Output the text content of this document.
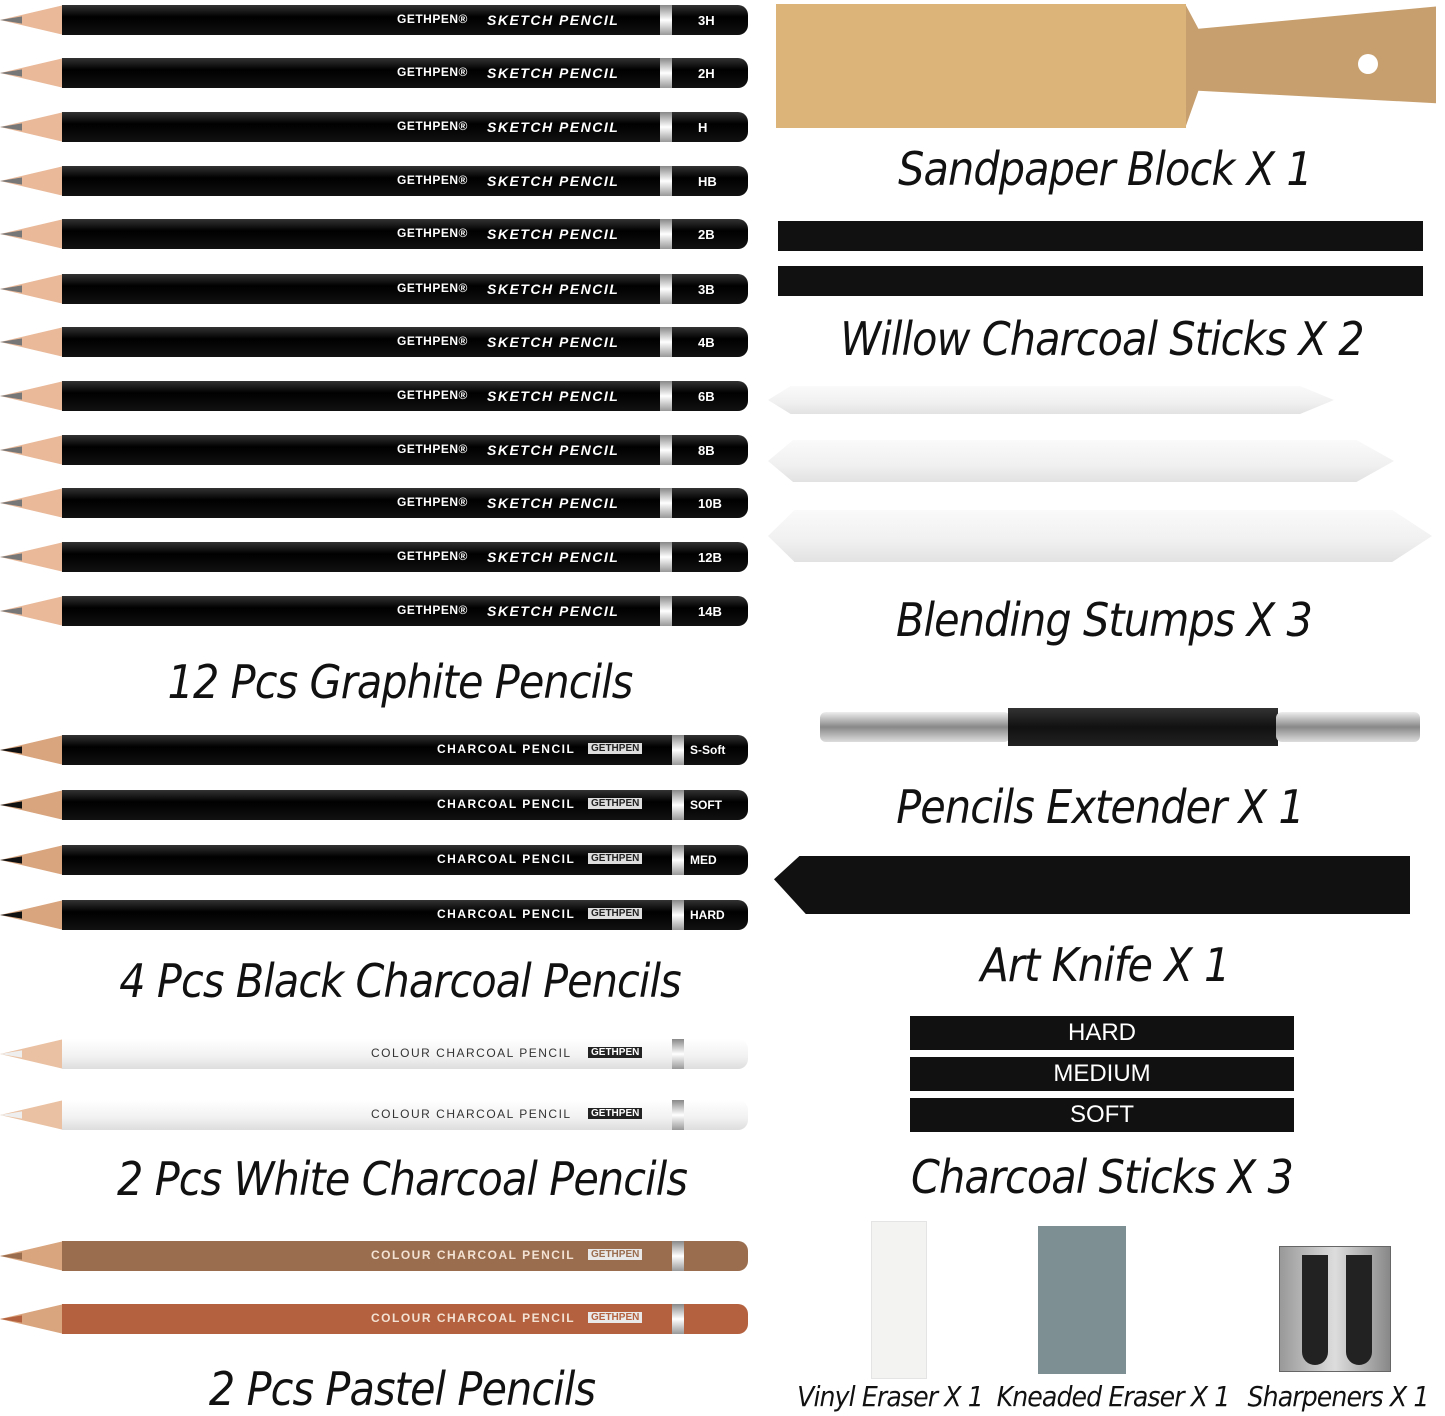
GETHPEN® SKETCH PENCIL	3H
GETHPEN® SKETCH PENCIL	2H
GETHPEN® SKETCH PENCIL	H
GETHPEN® SKETCH PENCIL	HB
GETHPEN® SKETCH PENCIL	2B
GETHPEN® SKETCH PENCIL	3B
GETHPEN® SKETCH PENCIL	4B
GETHPEN® SKETCH PENCIL	6B
GETHPEN® SKETCH PENCIL	8B
GETHPEN® SKETCH PENCIL	10B
GETHPEN® SKETCH PENCIL	12B
GETHPEN® SKETCH PENCIL	14B
CHARCOAL PENCIL	GETHPEN	S-Soft
CHARCOAL PENCIL	GETHPEN	SOFT
CHARCOAL PENCIL	GETHPEN	MED
CHARCOAL PENCIL	GETHPEN	HARD
COLOUR CHARCOAL PENCIL	GETHPEN
COLOUR CHARCOAL PENCIL	GETHPEN
COLOUR CHARCOAL PENCIL	GETHPEN
COLOUR CHARCOAL PENCIL	GETHPEN
12 Pcs Graphite Pencils
4 Pcs Black Charcoal Pencils
2 Pcs White Charcoal Pencils
2 Pcs Pastel Pencils
Sandpaper Block X 1
Willow Charcoal Sticks X 2
Blending Stumps X 3
Pencils Extender X 1
Art Knife X 1
HARD
MEDIUM
SOFT
Charcoal Sticks X 3
Vinyl Eraser X 1 Kneaded Eraser X 1 Sharpeners X 1
